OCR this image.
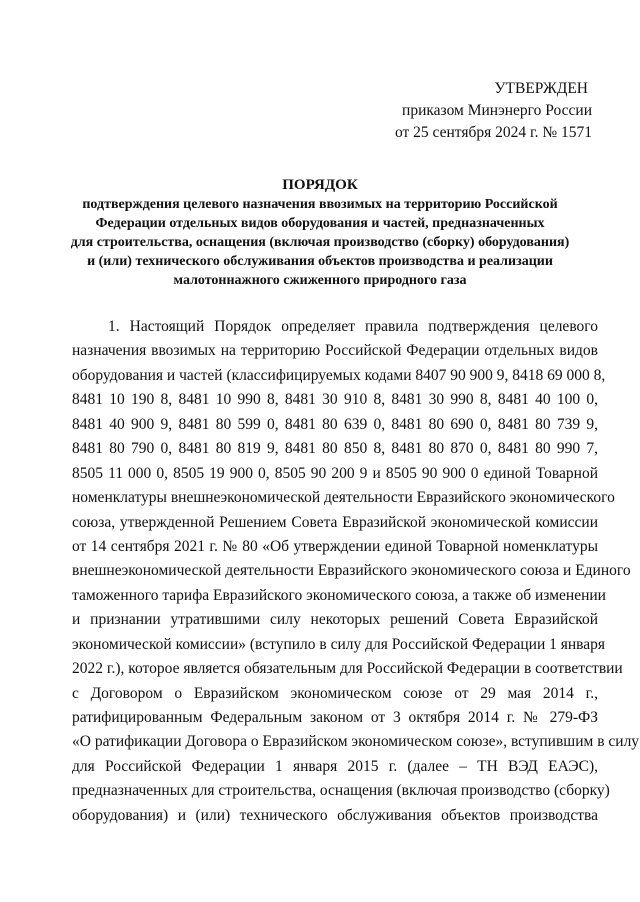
УТВЕРЖДЕН
приказом Минэнерго России
от 25 сентября 2024 г. № 1571
ПОРЯДОК
подтверждения целевого назначения ввозимых на территорию Российской
Федерации отдельных видов оборудования и частей, предназначенных
для строительства, оснащения (включая производство (сборку) оборудования)
и (или) технического обслуживания объектов производства и реализации
малотоннажного сжиженного природного газа
1. Настоящий Порядок определяет правила подтверждения целевого
назначения ввозимых на территорию Российской Федерации отдельных видов
оборудования и частей (классифицируемых кодами 8407 90 900 9, 8418 69 000 8,
8481 10 190 8, 8481 10 990 8, 8481 30 910 8, 8481 30 990 8, 8481 40 100 0,
8481 40 900 9, 8481 80 599 0, 8481 80 639 0, 8481 80 690 0, 8481 80 739 9,
8481 80 790 0, 8481 80 819 9, 8481 80 850 8, 8481 80 870 0, 8481 80 990 7,
8505 11 000 0, 8505 19 900 0, 8505 90 200 9 и 8505 90 900 0 единой Товарной
номенклатуры внешнеэкономической деятельности Евразийского экономического
союза, утвержденной Решением Совета Евразийской экономической комиссии
от 14 сентября 2021 г. № 80 «Об утверждении единой Товарной номенклатуры
внешнеэкономической деятельности Евразийского экономического союза и Единого
таможенного тарифа Евразийского экономического союза, а также об изменении
и признании утратившими силу некоторых решений Совета Евразийской
экономической комиссии» (вступило в силу для Российской Федерации 1 января
2022 г.), которое является обязательным для Российской Федерации в соответствии
с Договором о Евразийском экономическом союзе от 29 мая 2014 г.,
ратифицированным Федеральным законом от 3 октября 2014 г. № 279-ФЗ
«О ратификации Договора о Евразийском экономическом союзе», вступившим в силу
для Российской Федерации 1 января 2015 г. (далее – ТН ВЭД ЕАЭС),
предназначенных для строительства, оснащения (включая производство (сборку)
оборудования) и (или) технического обслуживания объектов производства
